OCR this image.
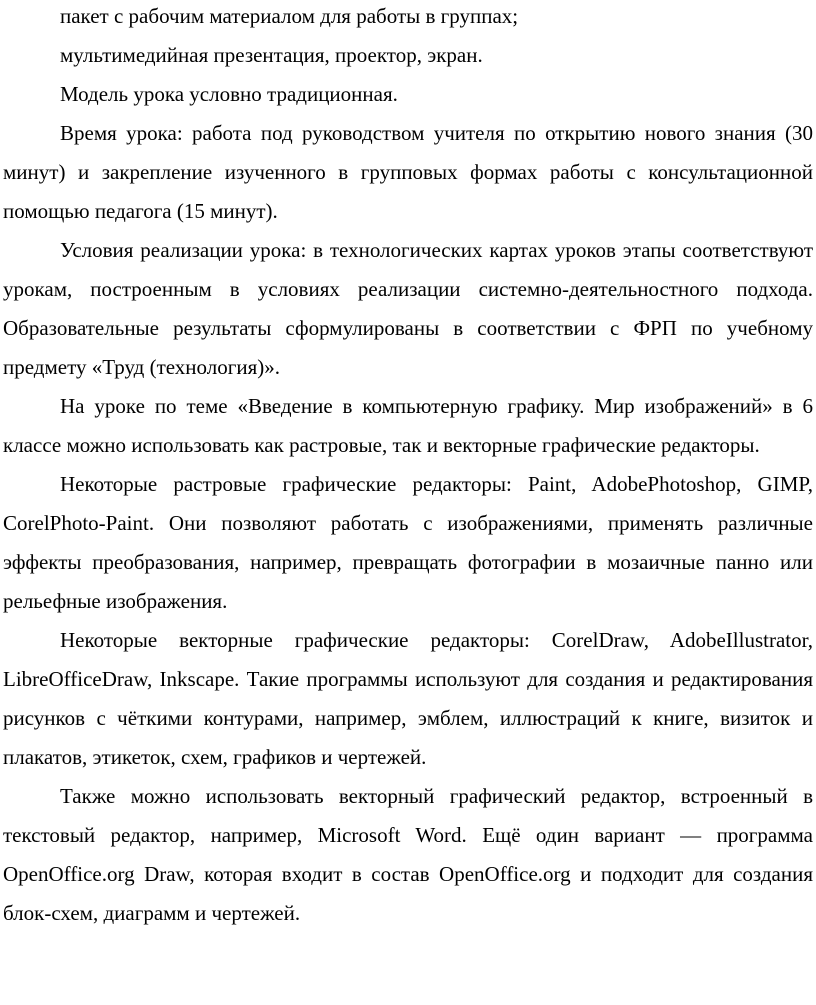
пакет с рабочим материалом для работы в группах;

мультимедийная презентация, проектор, экран.

Модель урока условно традиционная.

Время урока: работа под руководством учителя по открытию нового знания (30 минут) и закрепление изученного в групповых формах работы с консультационной помощью педагога (15 минут).

Условия реализации урока: в технологических картах уроков этапы соответствуют урокам, построенным в условиях реализации системно-деятельностного подхода. Образовательные результаты сформулированы в соответствии с ФРП по учебному предмету «Труд (технология)».

На уроке по теме «Введение в компьютерную графику. Мир изображений» в 6 классе можно использовать как растровые, так и векторные графические редакторы.

Некоторые растровые графические редакторы: Paint, AdobePhotoshop, GIMP, CorelPhoto-Paint. Они позволяют работать с изображениями, применять различные эффекты преобразования, например, превращать фотографии в мозаичные панно или рельефные изображения.

Некоторые векторные графические редакторы: CorelDraw, AdobeIllustrator, LibreOfficeDraw, Inkscape. Такие программы используют для создания и редактирования рисунков с чёткими контурами, например, эмблем, иллюстраций к книге, визиток и плакатов, этикеток, схем, графиков и чертежей.

Также можно использовать векторный графический редактор, встроенный в текстовый редактор, например, Microsoft Word. Ещё один вариант — программа OpenOffice.org Draw, которая входит в состав OpenOffice.org и подходит для создания блок-схем, диаграмм и чертежей.
